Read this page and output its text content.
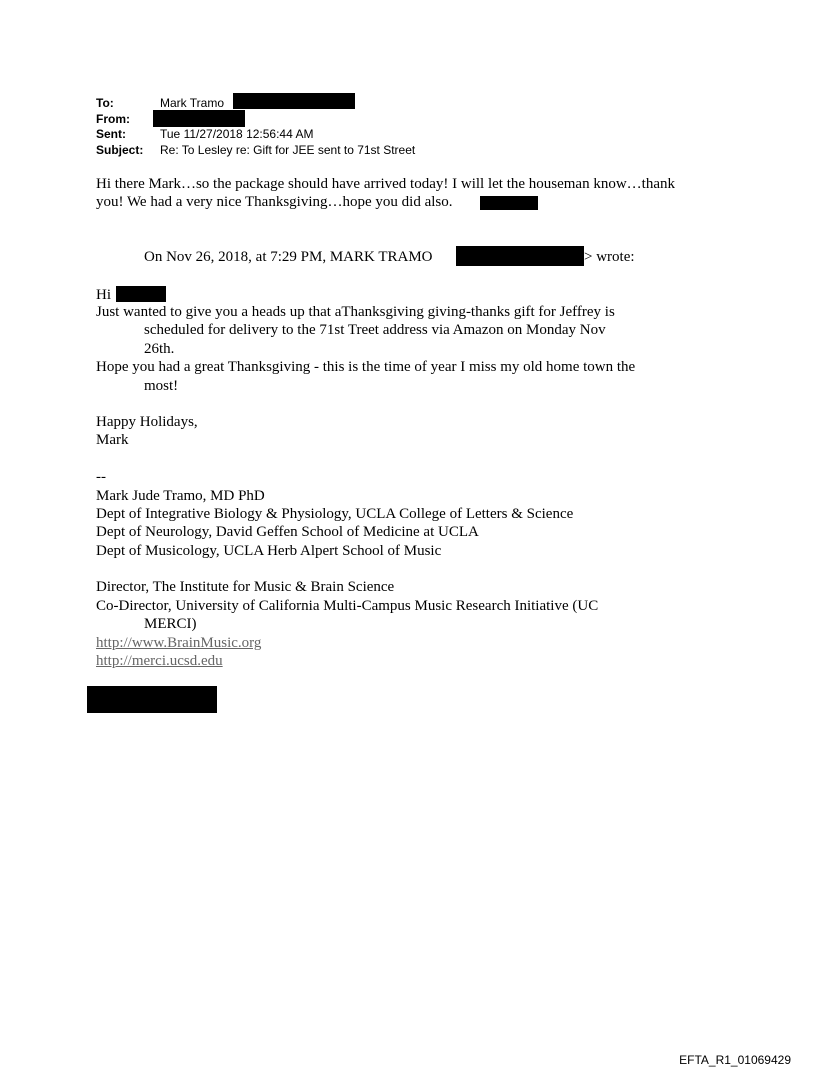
To:	Mark Tramo
From:
Sent:	Tue 11/27/2018 12:56:44 AM
Subject: Re: To Lesley re: Gift for JEE sent to 71st Street
Hi there Mark…so the package should have arrived today! I will let the houseman know…thank
you! We had a very nice Thanksgiving…hope you did also.
On Nov 26, 2018, at 7:29 PM, MARK TRAMO	> wrote:
Hi
Just wanted to give you a heads up that aThanksgiving giving-thanks gift for Jeffrey is
scheduled for delivery to the 71st Treet address via Amazon on Monday Nov
26th.
Hope you had a great Thanksgiving - this is the time of year I miss my old home town the
most!
Happy Holidays,
Mark
--
Mark Jude Tramo, MD PhD
Dept of Integrative Biology & Physiology, UCLA College of Letters & Science
Dept of Neurology, David Geffen School of Medicine at UCLA
Dept of Musicology, UCLA Herb Alpert School of Music
Director, The Institute for Music & Brain Science
Co-Director, University of California Multi-Campus Music Research Initiative (UC
MERCI)
http://www.BrainMusic.org
http://merci.ucsd.edu
EFTA_R1_01069429
